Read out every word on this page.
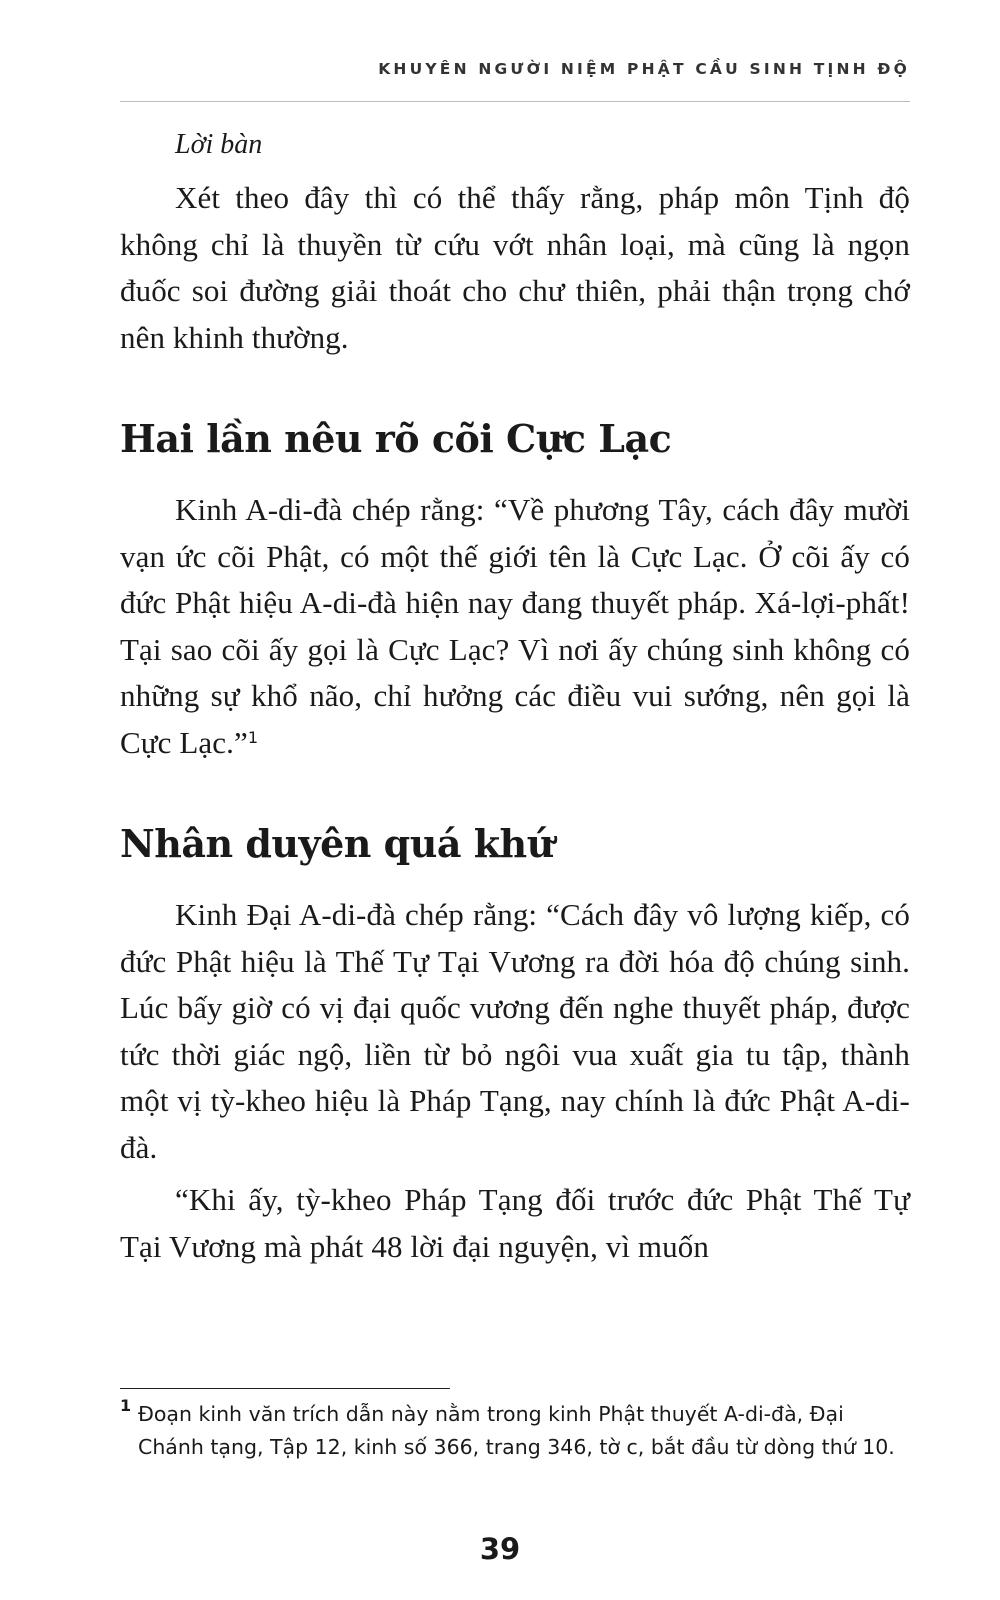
KHUYÊN NGƯỜI NIỆM PHẬT CẦU SINH TỊNH ĐỘ
Lời bàn

Xét theo đây thì có thể thấy rằng, pháp môn Tịnh độ không chỉ là thuyền từ cứu vớt nhân loại, mà cũng là ngọn đuốc soi đường giải thoát cho chư thiên, phải thận trọng chớ nên khinh thường.

Hai lần nêu rõ cõi Cực Lạc

Kinh A-di-đà chép rằng: “Về phương Tây, cách đây mười vạn ức cõi Phật, có một thế giới tên là Cực Lạc. Ở cõi ấy có đức Phật hiệu A-di-đà hiện nay đang thuyết pháp. Xá-lợi-phất! Tại sao cõi ấy gọi là Cực Lạc? Vì nơi ấy chúng sinh không có những sự khổ não, chỉ hưởng các điều vui sướng, nên gọi là Cực Lạc.”$^1$

Nhân duyên quá khứ

Kinh Đại A-di-đà chép rằng: “Cách đây vô lượng kiếp, có đức Phật hiệu là Thế Tự Tại Vương ra đời hóa độ chúng sinh. Lúc bấy giờ có vị đại quốc vương đến nghe thuyết pháp, được tức thời giác ngộ, liền từ bỏ ngôi vua xuất gia tu tập, thành một vị tỳ-kheo hiệu là Pháp Tạng, nay chính là đức Phật A-di-đà.

“Khi ấy, tỳ-kheo Pháp Tạng đối trước đức Phật Thế Tự Tại Vương mà phát 48 lời đại nguyện, vì muốn

1 Đoạn kinh văn trích dẫn này nằm trong kinh Phật thuyết A-di-đà, Đại Chánh tạng, Tập 12, kinh số 366, trang 346, tờ c, bắt đầu từ dòng thứ 10.
39
